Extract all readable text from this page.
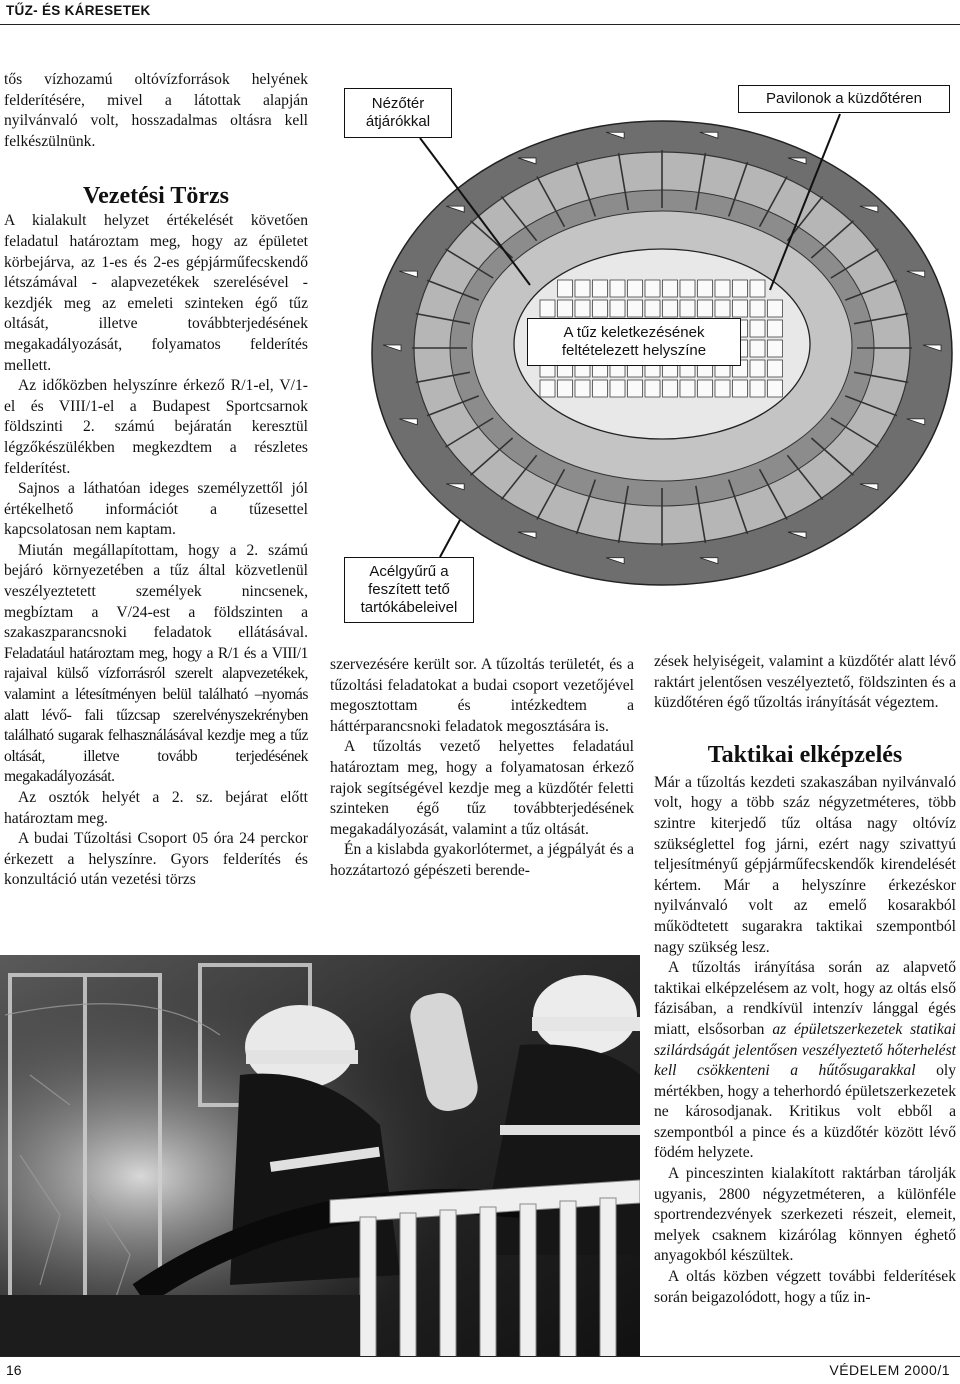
TŰZ- ÉS KÁRESETEK

tős vízhozamú oltóvízforrások helyének felderítésére, mivel a látottak alapján nyilvánvaló volt, hosszadalmas oltásra kell felkészülnünk.

Vezetési Törzs

A kialakult helyzet értékelését követően feladatul határoztam meg, hogy az épületet körbejárva, az 1-es és 2-es gépjárműfecskendő létszámával - alapvezetékek szerelésével - kezdjék meg az emeleti szinteken égő tűz oltását, illetve továbbterjedésének megakadályozását, folyamatos felderítés mellett.

Az időközben helyszínre érkező R/1-el, V/1-el és VIII/1-el a Budapest Sportcsarnok földszinti 2. számú bejáratán keresztül légzőkészülékben megkezdtem a részletes felderítést.

Sajnos a láthatóan ideges személyzettől jól értékelhető információt a tűzesettel kapcsolatosan nem kaptam.

Miután megállapítottam, hogy a 2. számú bejáró környezetében a tűz által közvetlenül veszélyeztetett személyek nincsenek, megbíztam a V/24-est a földszinten a szakaszparancsnoki feladatok ellátásával. Feladatául határoztam meg, hogy a R/1 és a VIII/1 rajaival külső vízforrásról szerelt alapvezetékek, valamint a létesítményen belül található –nyomás alatt lévő- fali tűzcsap szerelvényszekrényben található sugarak felhasználásával kezdje meg a tűz oltását, illetve tovább terjedésének megakadályozását.

Az osztók helyét a 2. sz. bejárat előtt határoztam meg.

A budai Tűzoltási Csoport 05 óra 24 perckor érkezett a helyszínre. Gyors felderítés és konzultáció után vezetési törzs

szervezésére került sor. A tűzoltás területét, és a tűzoltási feladatokat a budai csoport vezetőjével megosztottam és intézkedtem a háttérparancsnoki feladatok megosztására is.

A tűzoltás vezető helyettes feladatául határoztam meg, hogy a folyamatosan érkező rajok segítségével kezdje meg a küzdőtér feletti szinteken égő tűz továbbterjedésének megakadályozását, valamint a tűz oltását.

Én a kislabda gyakorlótermet, a jégpályát és a hozzátartozó gépészeti berende-

zések helyiségeit, valamint a küzdőtér alatt lévő raktárt jelentősen veszélyeztető, földszinten és a küzdőtéren égő tűzoltás irányítását végeztem.

Taktikai elképzelés

Már a tűzoltás kezdeti szakaszában nyilvánvaló volt, hogy a több száz négyzetméteres, több szintre kiterjedő tűz oltása nagy oltóvíz szükséglettel fog járni, ezért nagy szivattyú teljesítményű gépjárműfecskendők kirendelését kértem. Már a helyszínre érkezéskor nyilvánvaló volt az emelő kosarakból működtetett sugarakra taktikai szempontból nagy szükség lesz.

A tűzoltás irányítása során az alapvető taktikai elképzelésem az volt, hogy az oltás első fázisában, a rendkívül intenzív lánggal égés miatt, elsősorban az épületszerkezetek statikai szilárdságát jelentősen veszélyeztető hőterhelést kell csökkenteni a hűtősugarakkal oly mértékben, hogy a teherhordó épületszerkezetek ne károsodjanak. Kritikus volt ebből a szempontból a pince és a küzdőtér között lévő födém helyzete.

A pinceszinten kialakított raktárban tárolják ugyanis, 2800 négyzetméteren, a különféle sportrendezvények szerkezeti részeit, elemeit, melyek csaknem kizárólag könnyen éghető anyagokból készültek.

A oltás közben végzett további felderítések során beigazolódott, hogy a tűz in-

Nézőtér
átjárókkal
Pavilonok a küzdőtéren
A tűz keletkezésének
feltételezett helyszíne
Acélgyűrű a
feszített tető
tartókábeleivel
16	VÉDELEM 2000/1
